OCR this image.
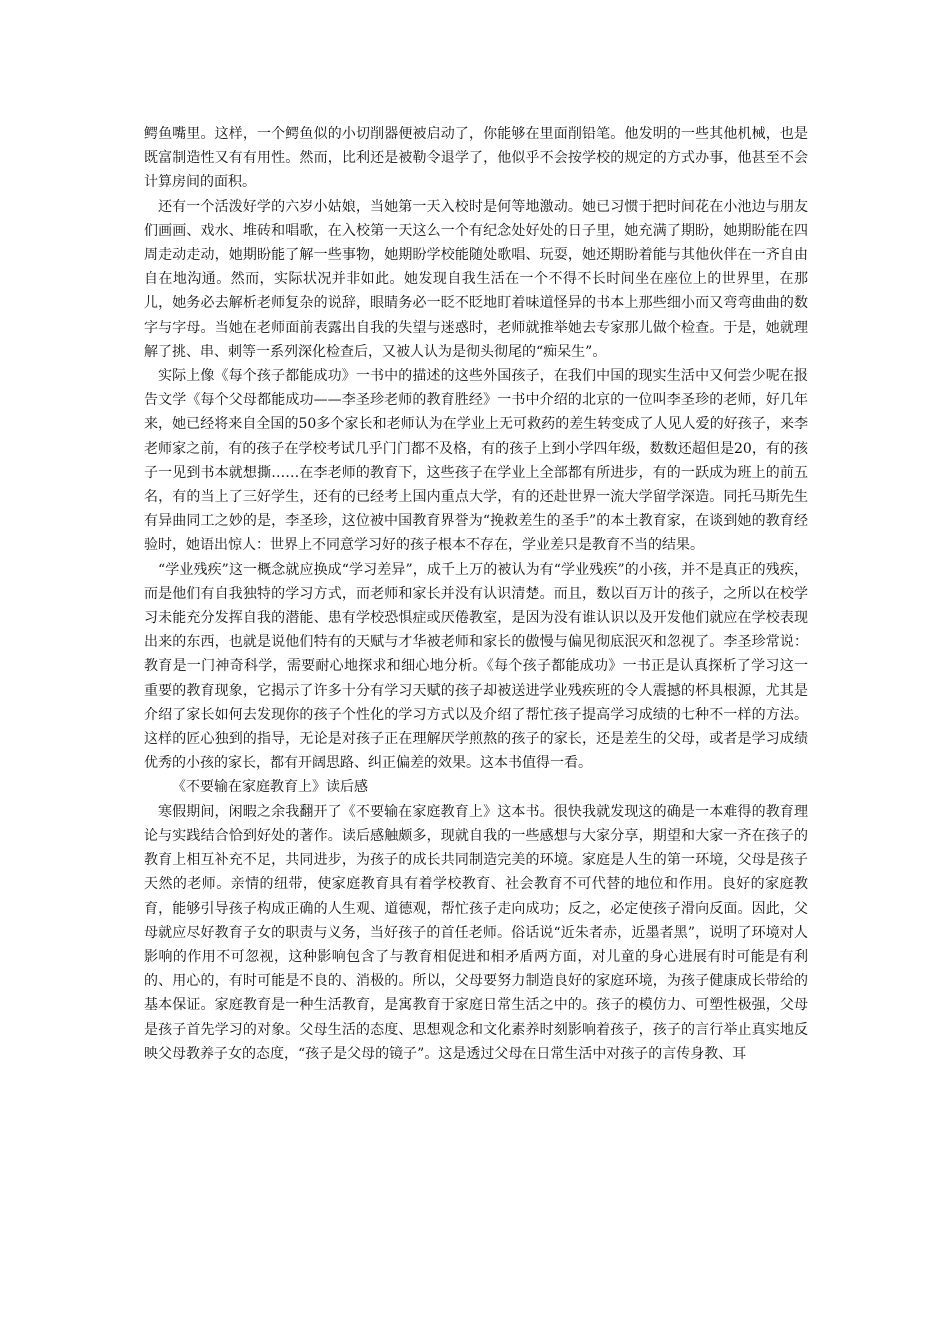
鳄鱼嘴里。这样，一个鳄鱼似的小切削器便被启动了，你能够在里面削铅笔。他发明的一些其他机械，也是既富制造性又有有用性。然而，比利还是被勒令退学了，他似乎不会按学校的规定的方式办事，他甚至不会计算房间的面积。

还有一个活泼好学的六岁小姑娘，当她第一天入校时是何等地激动。她已习惯于把时间花在小池边与朋友们画画、戏水、堆砖和唱歌，在入校第一天这么一个有纪念处好处的日子里，她充满了期盼，她期盼能在四周走动走动，她期盼能了解一些事物，她期盼学校能随处歌唱、玩耍，她还期盼着能与其他伙伴在一齐自由自在地沟通。然而，实际状况并非如此。她发现自我生活在一个不得不长时间坐在座位上的世界里，在那儿，她务必去解析老师复杂的说辞，眼睛务必一眨不眨地盯着味道怪异的书本上那些细小而又弯弯曲曲的数字与字母。当她在老师面前表露出自我的失望与迷惑时，老师就推举她去专家那儿做个检查。于是，她就理解了挑、串、刺等一系列深化检查后，又被人认为是彻头彻尾的“痴呆生”。

实际上像《每个孩子都能成功》一书中的描述的这些外国孩子，在我们中国的现实生活中又何尝少呢在报告文学《每个父母都能成功——李圣珍老师的教育胜经》一书中介绍的北京的一位叫李圣珍的老师，好几年来，她已经将来自全国的50多个家长和老师认为在学业上无可救药的差生转变成了人见人爱的好孩子，来李老师家之前，有的孩子在学校考试几乎门门都不及格，有的孩子上到小学四年级，数数还超但是20，有的孩子一见到书本就想撕……在李老师的教育下，这些孩子在学业上全部都有所进步，有的一跃成为班上的前五名，有的当上了三好学生，还有的已经考上国内重点大学，有的还赴世界一流大学留学深造。同托马斯先生有异曲同工之妙的是，李圣珍，这位被中国教育界誉为“挽救差生的圣手”的本土教育家，在谈到她的教育经验时，她语出惊人：世界上不同意学习好的孩子根本不存在，学业差只是教育不当的结果。

“学业残疾”这一概念就应换成“学习差异”，成千上万的被认为有“学业残疾”的小孩，并不是真正的残疾，而是他们有自我独特的学习方式，而老师和家长并没有认识清楚。而且，数以百万计的孩子，之所以在校学习未能充分发挥自我的潜能、患有学校恐惧症或厌倦教室，是因为没有谁认识以及开发他们就应在学校表现出来的东西，也就是说他们特有的天赋与才华被老师和家长的傲慢与偏见彻底泯灭和忽视了。李圣珍常说：教育是一门神奇科学，需要耐心地探求和细心地分析。《每个孩子都能成功》一书正是认真探析了学习这一重要的教育现象，它揭示了许多十分有学习天赋的孩子却被送进学业残疾班的令人震撼的杯具根源，尤其是介绍了家长如何去发现你的孩子个性化的学习方式以及介绍了帮忙孩子提高学习成绩的七种不一样的方法。这样的匠心独到的指导，无论是对孩子正在理解厌学煎熬的孩子的家长，还是差生的父母，或者是学习成绩优秀的小孩的家长，都有开阔思路、纠正偏差的效果。这本书值得一看。

《不要输在家庭教育上》读后感

寒假期间，闲暇之余我翻开了《不要输在家庭教育上》这本书。很快我就发现这的确是一本难得的教育理论与实践结合恰到好处的著作。读后感触颇多，现就自我的一些感想与大家分享，期望和大家一齐在孩子的教育上相互补充不足，共同进步，为孩子的成长共同制造完美的环境。家庭是人生的第一环境，父母是孩子天然的老师。亲情的纽带，使家庭教育具有着学校教育、社会教育不可代替的地位和作用。良好的家庭教育，能够引导孩子构成正确的人生观、道德观，帮忙孩子走向成功；反之，必定使孩子滑向反面。因此，父母就应尽好教育子女的职责与义务，当好孩子的首任老师。俗话说“近朱者赤，近墨者黑”，说明了环境对人影响的作用不可忽视，这种影响包含了与教育相促进和相矛盾两方面，对儿童的身心进展有时可能是有利的、用心的，有时可能是不良的、消极的。所以，父母要努力制造良好的家庭环境，为孩子健康成长带给的基本保证。家庭教育是一种生活教育，是寓教育于家庭日常生活之中的。孩子的模仿力、可塑性极强，父母是孩子首先学习的对象。父母生活的态度、思想观念和文化素养时刻影响着孩子，孩子的言行举止真实地反映父母教养子女的态度，“孩子是父母的镜子”。这是透过父母在日常生活中对孩子的言传身教、耳
